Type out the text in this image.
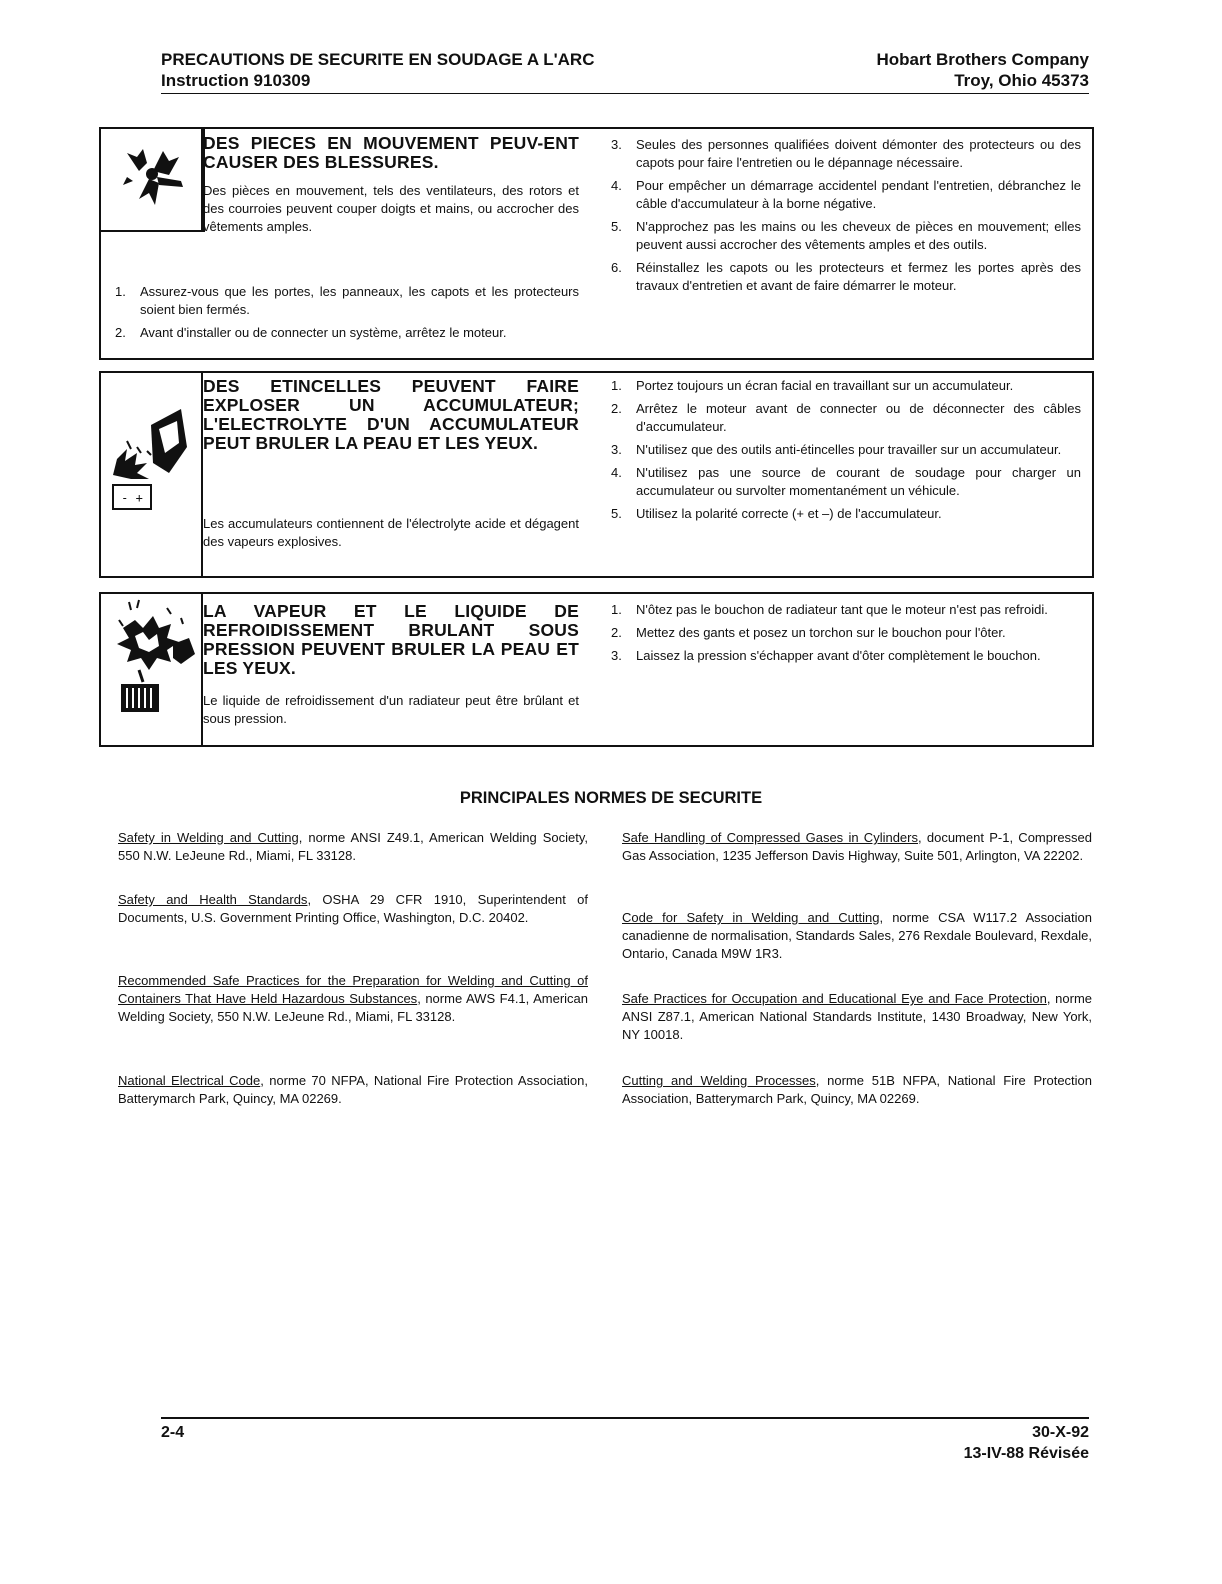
PRECAUTIONS DE SECURITE EN SOUDAGE A L'ARC
Instruction 910309
Hobart Brothers Company
Troy, Ohio 45373

DES PIECES EN MOUVEMENT PEUV-ENT CAUSER DES BLESSURES.

Des pièces en mouvement, tels des ventilateurs, des rotors et des courroies peuvent couper doigts et mains, ou accrocher des vêtements amples.

1. Assurez-vous que les portes, les panneaux, les capots et les protecteurs soient bien fermés.
2. Avant d'installer ou de connecter un système, arrêtez le moteur.
3. Seules des personnes qualifiées doivent démonter des protecteurs ou des capots pour faire l'entretien ou le dépannage nécessaire.
4. Pour empêcher un démarrage accidentel pendant l'entretien, débranchez le câble d'accumulateur à la borne négative.
5. N'approchez pas les mains ou les cheveux de pièces en mouvement; elles peuvent aussi accrocher des vêtements amples et des outils.
6. Réinstallez les capots ou les protecteurs et fermez les portes après des travaux d'entretien et avant de faire démarrer le moteur.
- +

DES ETINCELLES PEUVENT FAIRE EXPLOSER UN ACCUMULATEUR; L'ELECTROLYTE D'UN ACCUMULATEUR PEUT BRULER LA PEAU ET LES YEUX.

Les accumulateurs contiennent de l'électrolyte acide et dégagent des vapeurs explosives.

1. Portez toujours un écran facial en travaillant sur un accumulateur.
2. Arrêtez le moteur avant de connecter ou de déconnecter des câbles d'accumulateur.
3. N'utilisez que des outils anti-étincelles pour travailler sur un accumulateur.
4. N'utilisez pas une source de courant de soudage pour charger un accumulateur ou survolter momentanément un véhicule.
5. Utilisez la polarité correcte (+ et –) de l'accumulateur.

LA VAPEUR ET LE LIQUIDE DE REFROIDISSEMENT BRULANT SOUS PRESSION PEUVENT BRULER LA PEAU ET LES YEUX.

Le liquide de refroidissement d'un radiateur peut être brûlant et sous pression.

1. N'ôtez pas le bouchon de radiateur tant que le moteur n'est pas refroidi.
2. Mettez des gants et posez un torchon sur le bouchon pour l'ôter.
3. Laissez la pression s'échapper avant d'ôter complètement le bouchon.
PRINCIPALES NORMES DE SECURITE
Safety in Welding and Cutting, norme ANSI Z49.1, American Welding Society, 550 N.W. LeJeune Rd., Miami, FL 33128.
Safety and Health Standards, OSHA 29 CFR 1910, Superintendent of Documents, U.S. Government Printing Office, Washington, D.C. 20402.
Recommended Safe Practices for the Preparation for Welding and Cutting of Containers That Have Held Hazardous Substances, norme AWS F4.1, American Welding Society, 550 N.W. LeJeune Rd., Miami, FL 33128.
National Electrical Code, norme 70 NFPA, National Fire Protection Association, Batterymarch Park, Quincy, MA 02269.
Safe Handling of Compressed Gases in Cylinders, document P-1, Compressed Gas Association, 1235 Jefferson Davis Highway, Suite 501, Arlington, VA 22202.
Code for Safety in Welding and Cutting, norme CSA W117.2 Association canadienne de normalisation, Standards Sales, 276 Rexdale Boulevard, Rexdale, Ontario, Canada M9W 1R3.
Safe Practices for Occupation and Educational Eye and Face Protection, norme ANSI Z87.1, American National Standards Institute, 1430 Broadway, New York, NY 10018.
Cutting and Welding Processes, norme 51B NFPA, National Fire Protection Association, Batterymarch Park, Quincy, MA 02269.
2-4	30-X-92
13-IV-88 Révisée
